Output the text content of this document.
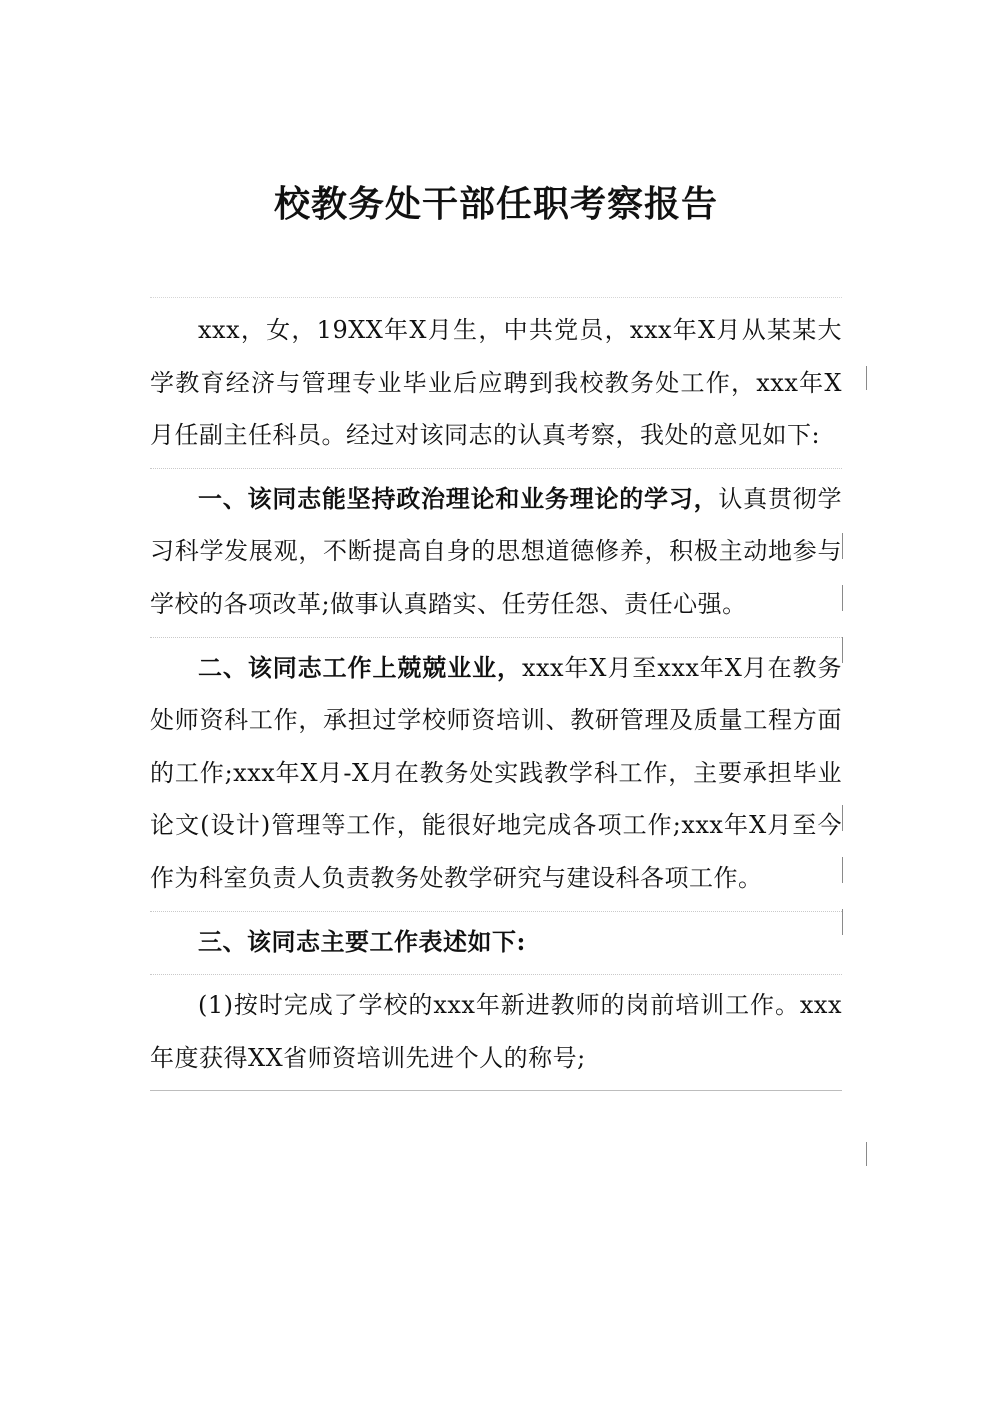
校教务处干部任职考察报告

xxx，女，19XX年X月生，中共党员，xxx年X月从某某大学教育经济与管理专业毕业后应聘到我校教务处工作，xxx年X月任副主任科员。经过对该同志的认真考察，我处的意见如下:

一、该同志能坚持政治理论和业务理论的学习，认真贯彻学习科学发展观，不断提高自身的思想道德修养，积极主动地参与学校的各项改革;做事认真踏实、任劳任怨、责任心强。

二、该同志工作上兢兢业业，xxx年X月至xxx年X月在教务处师资科工作，承担过学校师资培训、教研管理及质量工程方面的工作;xxx年X月-X月在教务处实践教学科工作，主要承担毕业论文(设计)管理等工作，能很好地完成各项工作;xxx年X月至今作为科室负责人负责教务处教学研究与建设科各项工作。

三、该同志主要工作表述如下:

(1)按时完成了学校的xxx年新进教师的岗前培训工作。xxx年度获得XX省师资培训先进个人的称号;
